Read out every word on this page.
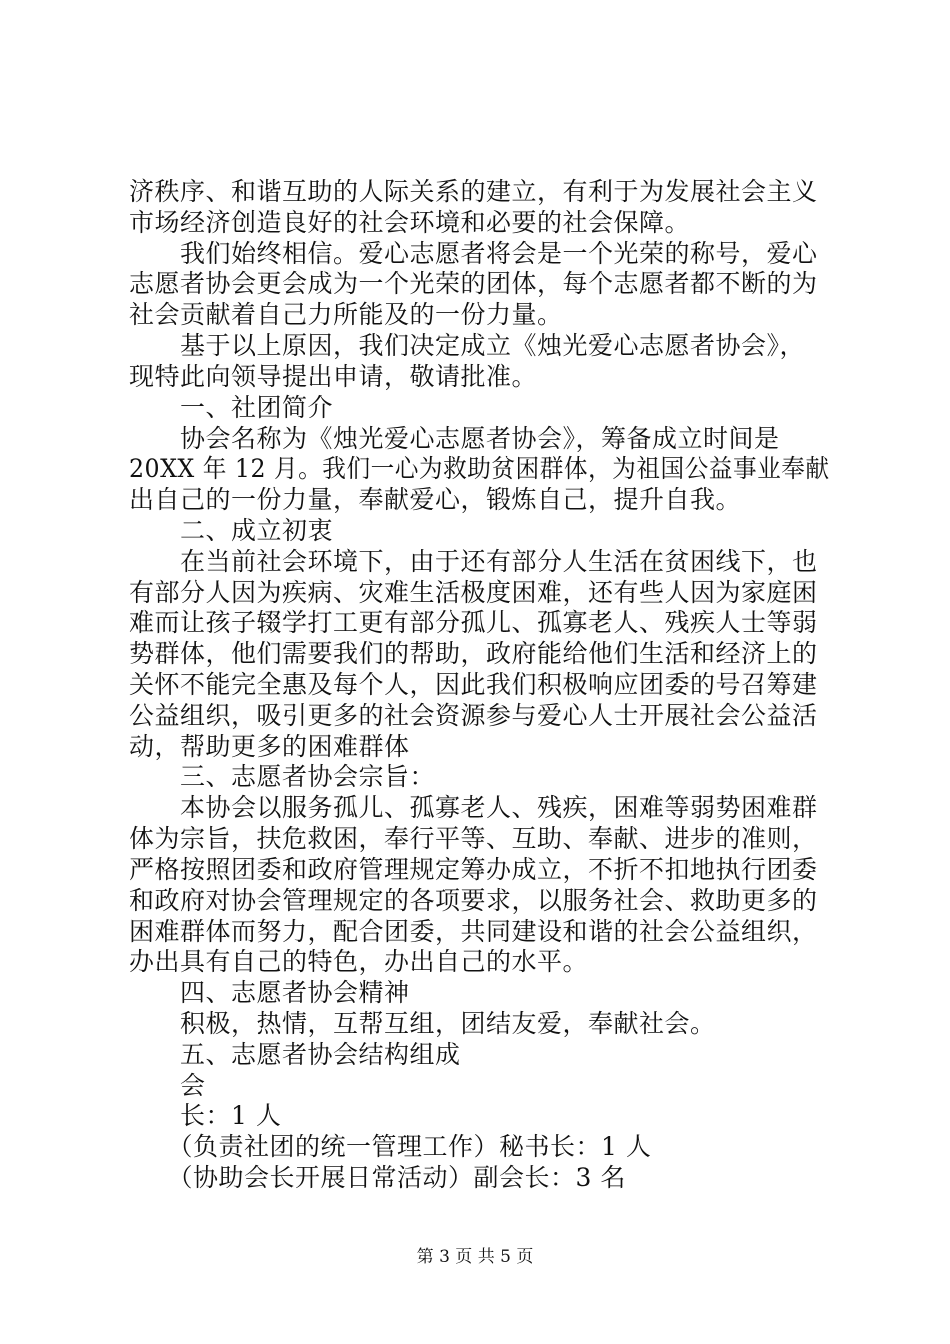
济秩序、和谐互助的人际关系的建立，有利于为发展社会主义
市场经济创造良好的社会环境和必要的社会保障。
　　我们始终相信。爱心志愿者将会是一个光荣的称号，爱心
志愿者协会更会成为一个光荣的团体，每个志愿者都不断的为
社会贡献着自己力所能及的一份力量。
　　基于以上原因，我们决定成立《烛光爱心志愿者协会》，
现特此向领导提出申请，敬请批准。
　　一、社团简介
　　协会名称为《烛光爱心志愿者协会》，筹备成立时间是
20XX 年 12 月。我们一心为救助贫困群体，为祖国公益事业奉献
出自己的一份力量，奉献爱心，锻炼自己，提升自我。
　　二、成立初衷
　　在当前社会环境下，由于还有部分人生活在贫困线下，也
有部分人因为疾病、灾难生活极度困难，还有些人因为家庭困
难而让孩子辍学打工更有部分孤儿、孤寡老人、残疾人士等弱
势群体，他们需要我们的帮助，政府能给他们生活和经济上的
关怀不能完全惠及每个人，因此我们积极响应团委的号召筹建
公益组织，吸引更多的社会资源参与爱心人士开展社会公益活
动，帮助更多的困难群体
　　三、志愿者协会宗旨：
　　本协会以服务孤儿、孤寡老人、残疾，困难等弱势困难群
体为宗旨，扶危救困，奉行平等、互助、奉献、进步的准则，
严格按照团委和政府管理规定筹办成立，不折不扣地执行团委
和政府对协会管理规定的各项要求，以服务社会、救助更多的
困难群体而努力，配合团委，共同建设和谐的社会公益组织，
办出具有自己的特色，办出自己的水平。
　　四、志愿者协会精神
　　积极，热情，互帮互组，团结友爱，奉献社会。
　　五、志愿者协会结构组成
　　会
　　长：1 人
　　（负责社团的统一管理工作）秘书长：1 人
　　（协助会长开展日常活动）副会长：3 名
第 3 页 共 5 页
